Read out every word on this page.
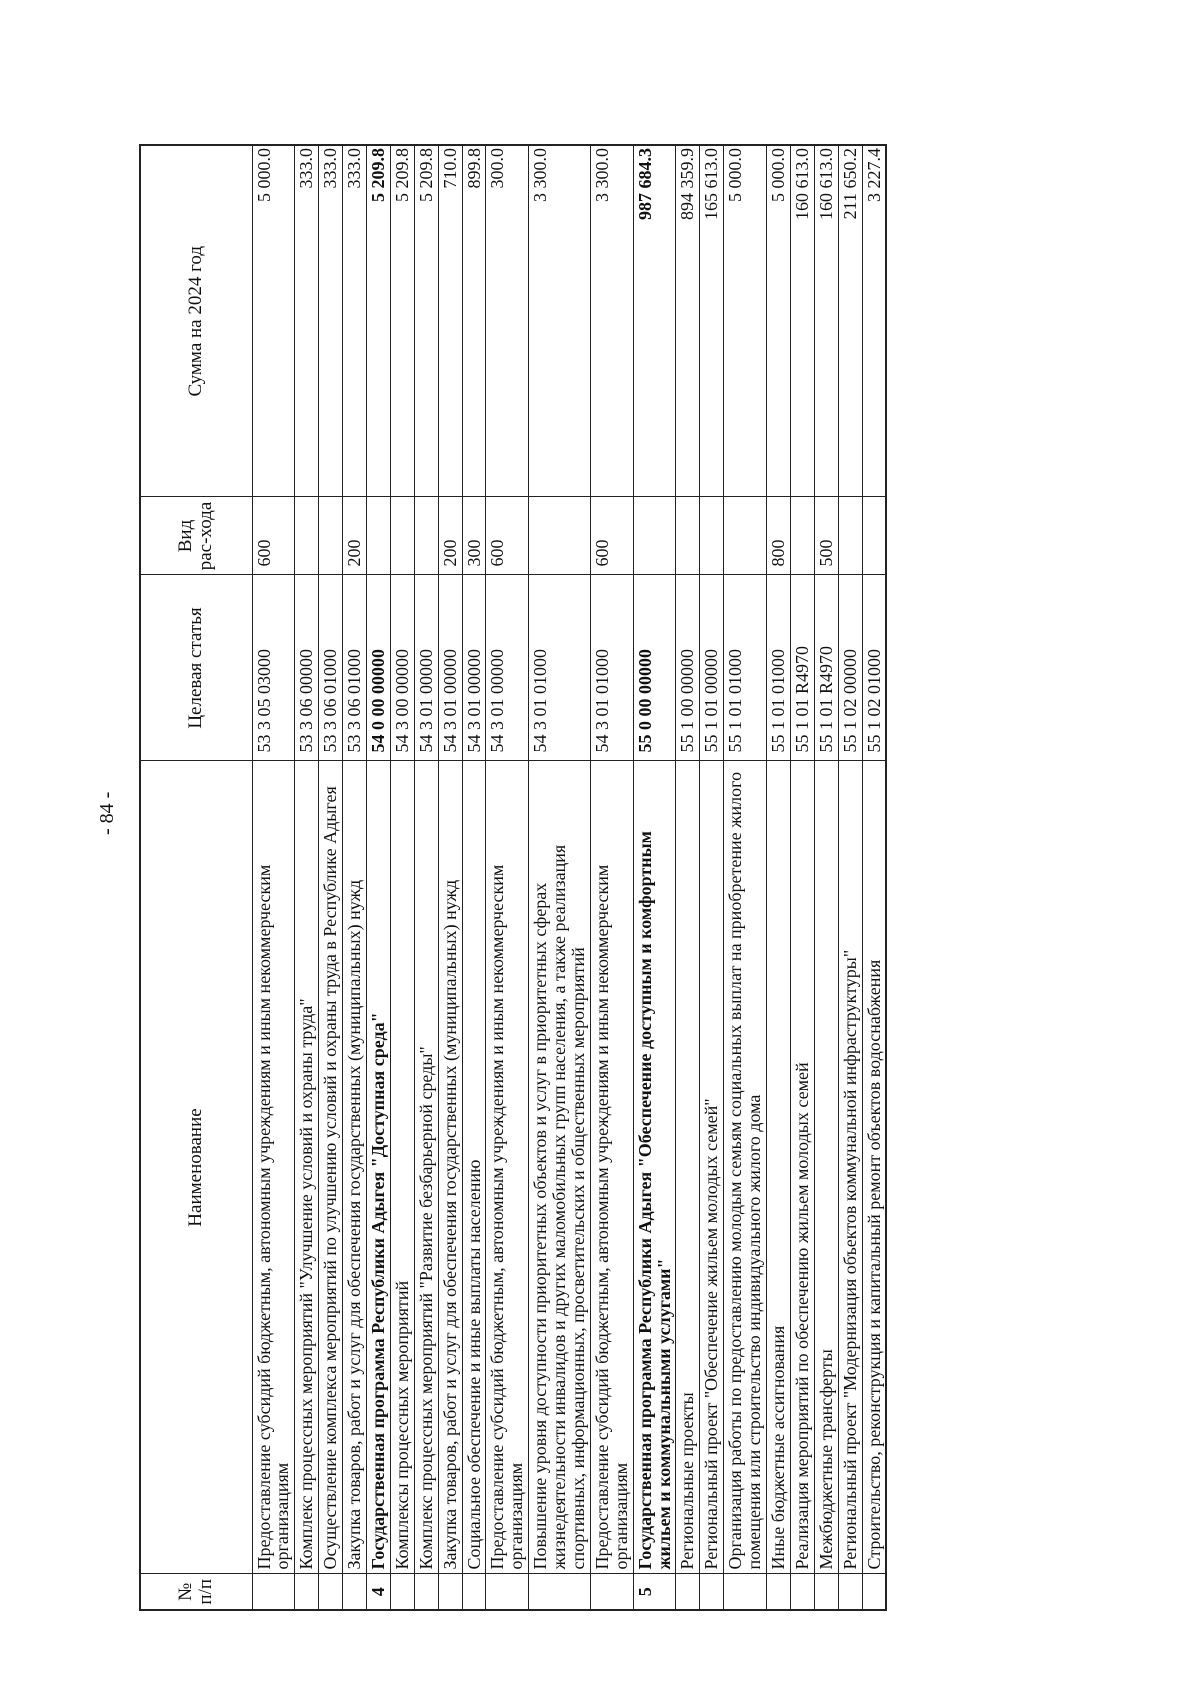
- 84 -
№ п/п	Наименование	Целевая статья	Вид рас-хода	Сумма на 2024 год
	Предоставление субсидий бюджетным, автономным учреждениям и иным некоммерческим организациям	53 3 05 03000	600	5 000.0
	Комплекс процессных мероприятий "Улучшение условий и охраны труда"	53 3 06 00000		333.0
	Осуществление комплекса мероприятий по улучшению условий и охраны труда в Республике Адыгея	53 3 06 01000		333.0
	Закупка товаров, работ и услуг для обеспечения государственных (муниципальных) нужд	53 3 06 01000	200	333.0
4	Государственная программа Республики Адыгея "Доступная среда"	54 0 00 00000		5 209.8
	Комплексы процессных мероприятий	54 3 00 00000		5 209.8
	Комплекс процессных мероприятий "Развитие безбарьерной среды"	54 3 01 00000		5 209.8
	Закупка товаров, работ и услуг для обеспечения государственных (муниципальных) нужд	54 3 01 00000	200	710.0
	Социальное обеспечение и иные выплаты населению	54 3 01 00000	300	899.8
	Предоставление субсидий бюджетным, автономным учреждениям и иным некоммерческим организациям	54 3 01 00000	600	300.0
	Повышение уровня доступности приоритетных объектов и услуг в приоритетных сферах жизнедеятельности инвалидов и других маломобильных групп населения, а также реализация спортивных, информационных, просветительских и общественных мероприятий	54 3 01 01000		3 300.0
	Предоставление субсидий бюджетным, автономным учреждениям и иным некоммерческим организациям	54 3 01 01000	600	3 300.0
5	Государственная программа Республики Адыгея "Обеспечение доступным и комфортным жильем и коммунальными услугами"	55 0 00 00000		987 684.3
	Региональные проекты	55 1 00 00000		894 359.9
	Региональный проект "Обеспечение жильем молодых семей"	55 1 01 00000		165 613.0
	Организация работы по предоставлению молодым семьям социальных выплат на приобретение жилого помещения или строительство индивидуального жилого дома	55 1 01 01000		5 000.0
	Иные бюджетные ассигнования	55 1 01 01000	800	5 000.0
	Реализация мероприятий по обеспечению жильем молодых семей	55 1 01 R4970		160 613.0
	Межбюджетные трансферты	55 1 01 R4970	500	160 613.0
	Региональный проект "Модернизация объектов коммунальной инфраструктуры"	55 1 02 00000		211 650.2
	Строительство, реконструкция и капитальный ремонт объектов водоснабжения	55 1 02 01000		3 227.4
